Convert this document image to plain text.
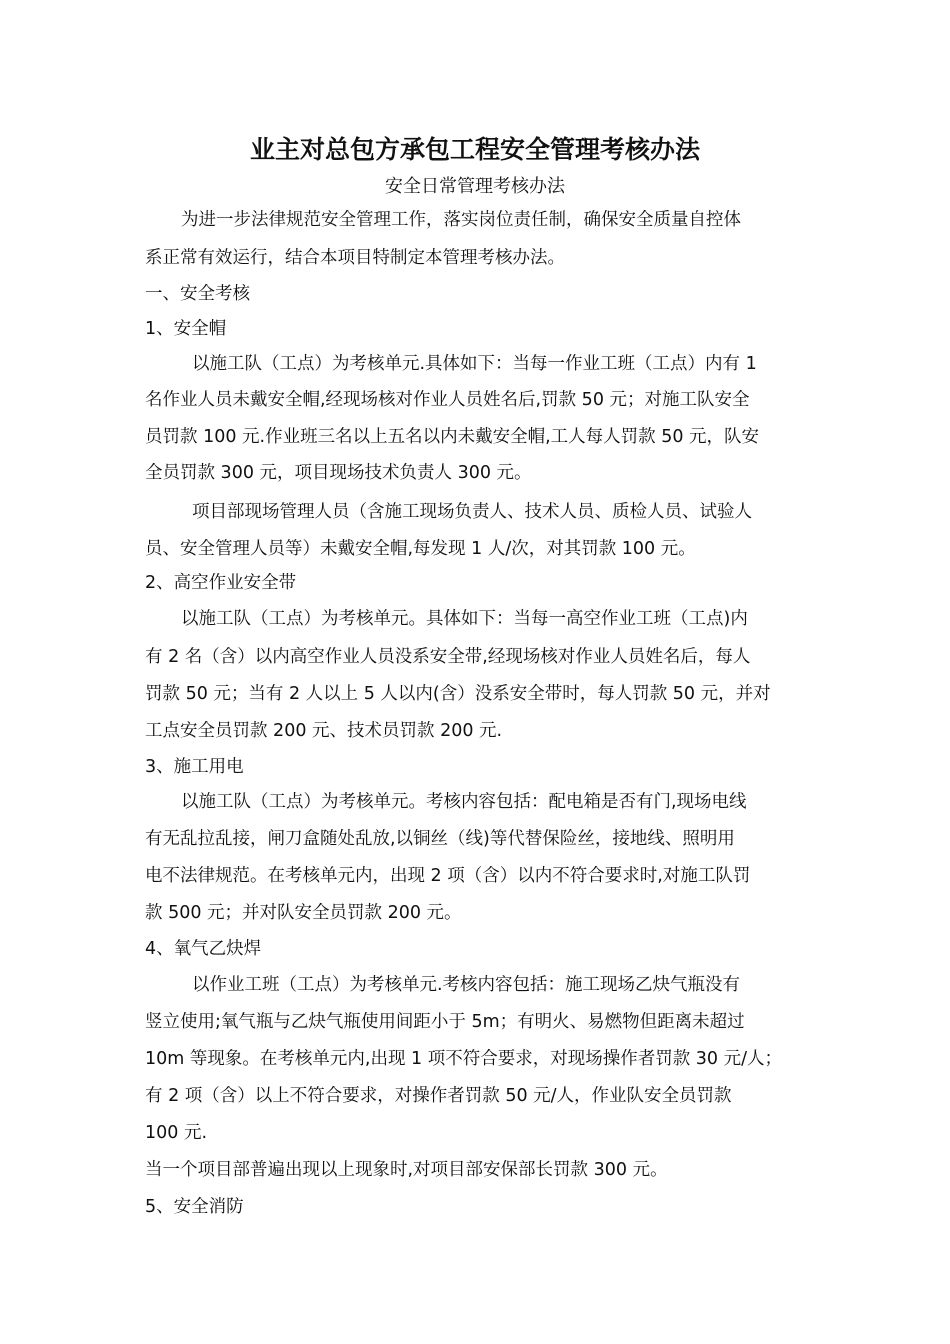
业主对总包方承包工程安全管理考核办法
安全日常管理考核办法
为进一步法律规范安全管理工作，落实岗位责任制，确保安全质量自控体
系正常有效运行，结合本项目特制定本管理考核办法。
一、安全考核
1、安全帽
以施工队（工点）为考核单元.具体如下：当每一作业工班（工点）内有 1
名作业人员未戴安全帽,经现场核对作业人员姓名后,罚款 50 元；对施工队安全
员罚款 100 元.作业班三名以上五名以内未戴安全帽,工人每人罚款 50 元，队安
全员罚款 300 元，项目现场技术负责人 300 元。
项目部现场管理人员（含施工现场负责人、技术人员、质检人员、试验人
员、安全管理人员等）未戴安全帽,每发现 1 人/次，对其罚款 100 元。
2、高空作业安全带
以施工队（工点）为考核单元。具体如下：当每一高空作业工班（工点)内
有 2 名（含）以内高空作业人员没系安全带,经现场核对作业人员姓名后，每人
罚款 50 元；当有 2 人以上 5 人以内(含）没系安全带时，每人罚款 50 元，并对
工点安全员罚款 200 元、技术员罚款 200 元.
3、施工用电
以施工队（工点）为考核单元。考核内容包括：配电箱是否有门,现场电线
有无乱拉乱接，闸刀盒随处乱放,以铜丝（线)等代替保险丝，接地线、照明用
电不法律规范。在考核单元内，出现 2 项（含）以内不符合要求时,对施工队罚
款 500 元；并对队安全员罚款 200 元。
4、氧气乙炔焊
以作业工班（工点）为考核单元.考核内容包括：施工现场乙炔气瓶没有
竖立使用;氧气瓶与乙炔气瓶使用间距小于 5m；有明火、易燃物但距离未超过
10m 等现象。在考核单元内,出现 1 项不符合要求，对现场操作者罚款 30 元/人；
有 2 项（含）以上不符合要求，对操作者罚款 50 元/人，作业队安全员罚款
100 元.
当一个项目部普遍出现以上现象时,对项目部安保部长罚款 300 元。
5、安全消防
